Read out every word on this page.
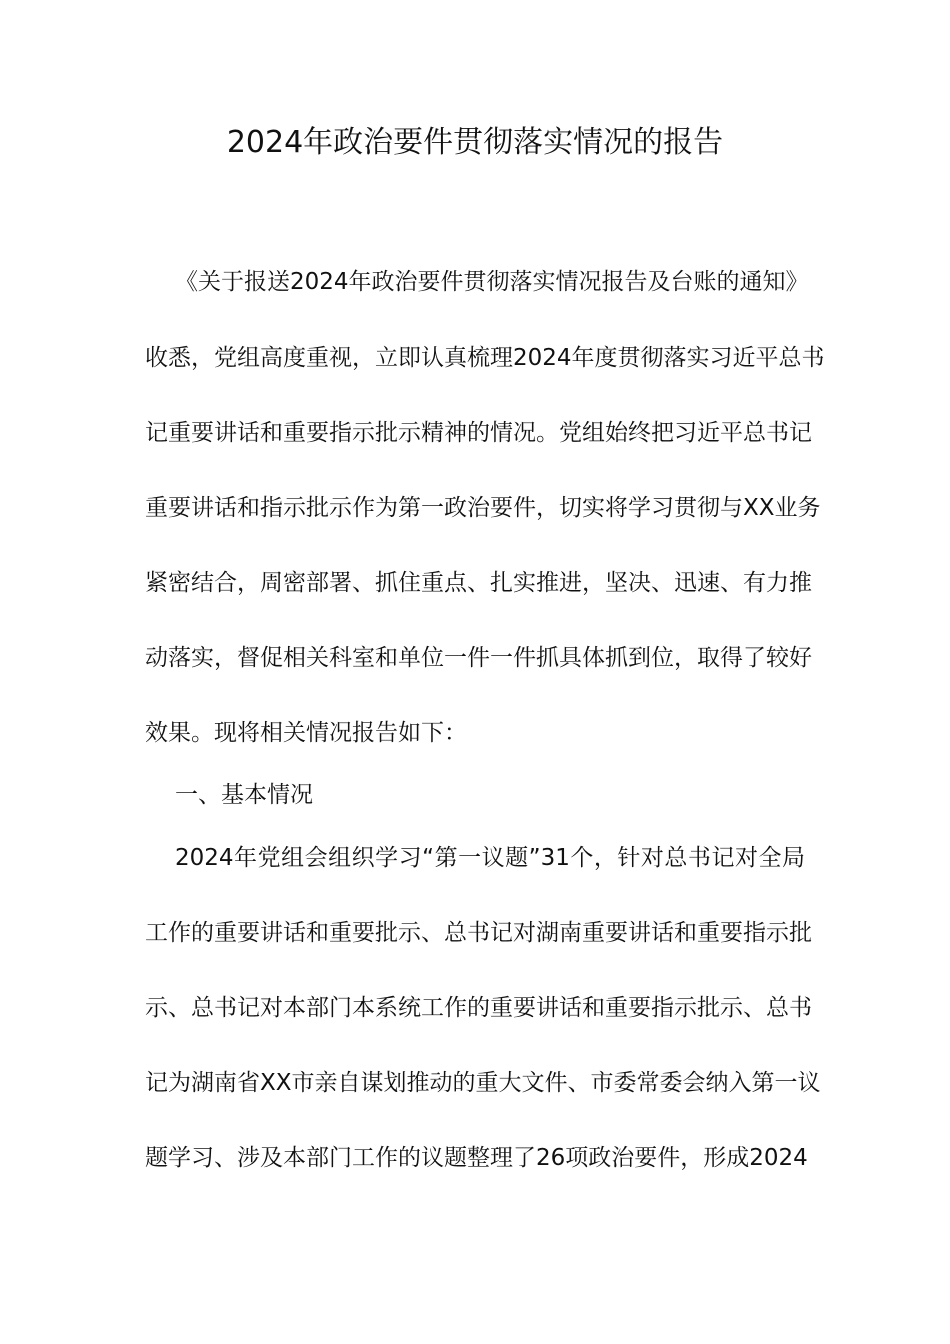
2024年政治要件贯彻落实情况的报告
《关于报送2024年政治要件贯彻落实情况报告及台账的通知》
收悉，党组高度重视，立即认真梳理2024年度贯彻落实习近平总书
记重要讲话和重要指示批示精神的情况。党组始终把习近平总书记
重要讲话和指示批示作为第一政治要件，切实将学习贯彻与XX业务
紧密结合，周密部署、抓住重点、扎实推进，坚决、迅速、有力推
动落实，督促相关科室和单位一件一件抓具体抓到位，取得了较好
效果。现将相关情况报告如下：
一、基本情况
2024年党组会组织学习“第一议题”31个，针对总书记对全局
工作的重要讲话和重要批示、总书记对湖南重要讲话和重要指示批
示、总书记对本部门本系统工作的重要讲话和重要指示批示、总书
记为湖南省XX市亲自谋划推动的重大文件、市委常委会纳入第一议
题学习、涉及本部门工作的议题整理了26项政治要件，形成2024
